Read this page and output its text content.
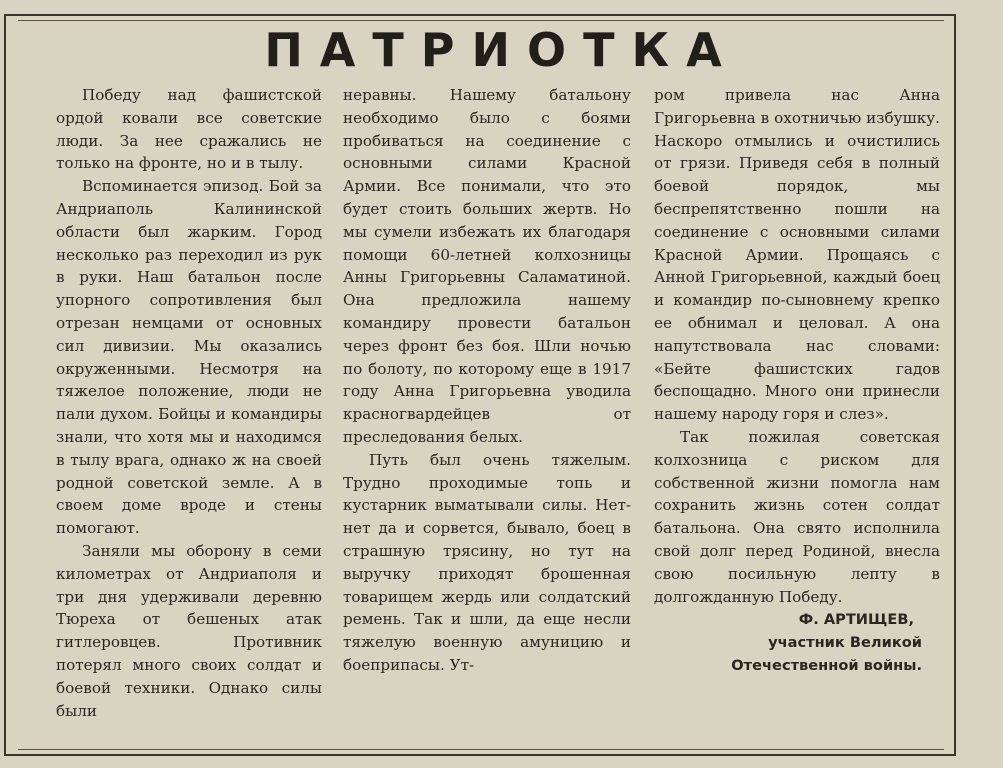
ПАТРИОТКА

Победу над фашистской ордой ковали все советские люди. За нее сражались не только на фронте, но и в тылу.

Вспоминается эпизод. Бой за Андриаполь Калининской области был жарким. Город несколько раз переходил из рук в руки. Наш батальон после упорного сопротивления был отрезан немцами от основных сил дивизии. Мы оказались окруженными. Несмотря на тяжелое положение, люди не пали духом. Бойцы и командиры знали, что хотя мы и находимся в тылу врага, однако ж на своей родной советской земле. А в своем доме вроде и стены помогают.

Заняли мы оборону в семи километрах от Андриаполя и три дня удерживали деревню Тюреха от бешеных атак гитлеровцев. Противник потерял много своих солдат и боевой техники. Однако силы были

неравны. Нашему батальону необходимо было с боями пробиваться на соединение с основными силами Красной Армии. Все понимали, что это будет стоить больших жертв. Но мы сумели избежать их благодаря помощи 60-летней колхозницы Анны Григорьевны Саламатиной. Она предложила нашему командиру провести батальон через фронт без боя. Шли ночью по болоту, по которому еще в 1917 году Анна Григорьевна уводила красногвардейцев от преследования белых.

Путь был очень тяжелым. Трудно проходимые топь и кустарник выматывали силы. Нет-нет да и сорвется, бывало, боец в страшную трясину, но тут на выручку приходят брошенная товарищем жердь или солдатский ремень. Так и шли, да еще несли тяжелую военную амуницию и боеприпасы. Ут-

ром привела нас Анна Григорьевна в охотничью избушку. Наскоро отмылись и очистились от грязи. Приведя себя в полный боевой порядок, мы беспрепятственно пошли на соединение с основными силами Красной Армии. Прощаясь с Анной Григорьевной, каждый боец и командир по-сыновнему крепко ее обнимал и целовал. А она напутствовала нас словами: «Бейте фашистских гадов беспощадно. Много они принесли нашему народу горя и слез».

Так пожилая советская колхозница с риском для собственной жизни помогла нам сохранить жизнь сотен солдат батальона. Она свято исполнила свой долг перед Родиной, внесла свою посильную лепту в долгожданную Победу.

Ф. АРТИЩЕВ,

участник Великой

Отечественной войны.
